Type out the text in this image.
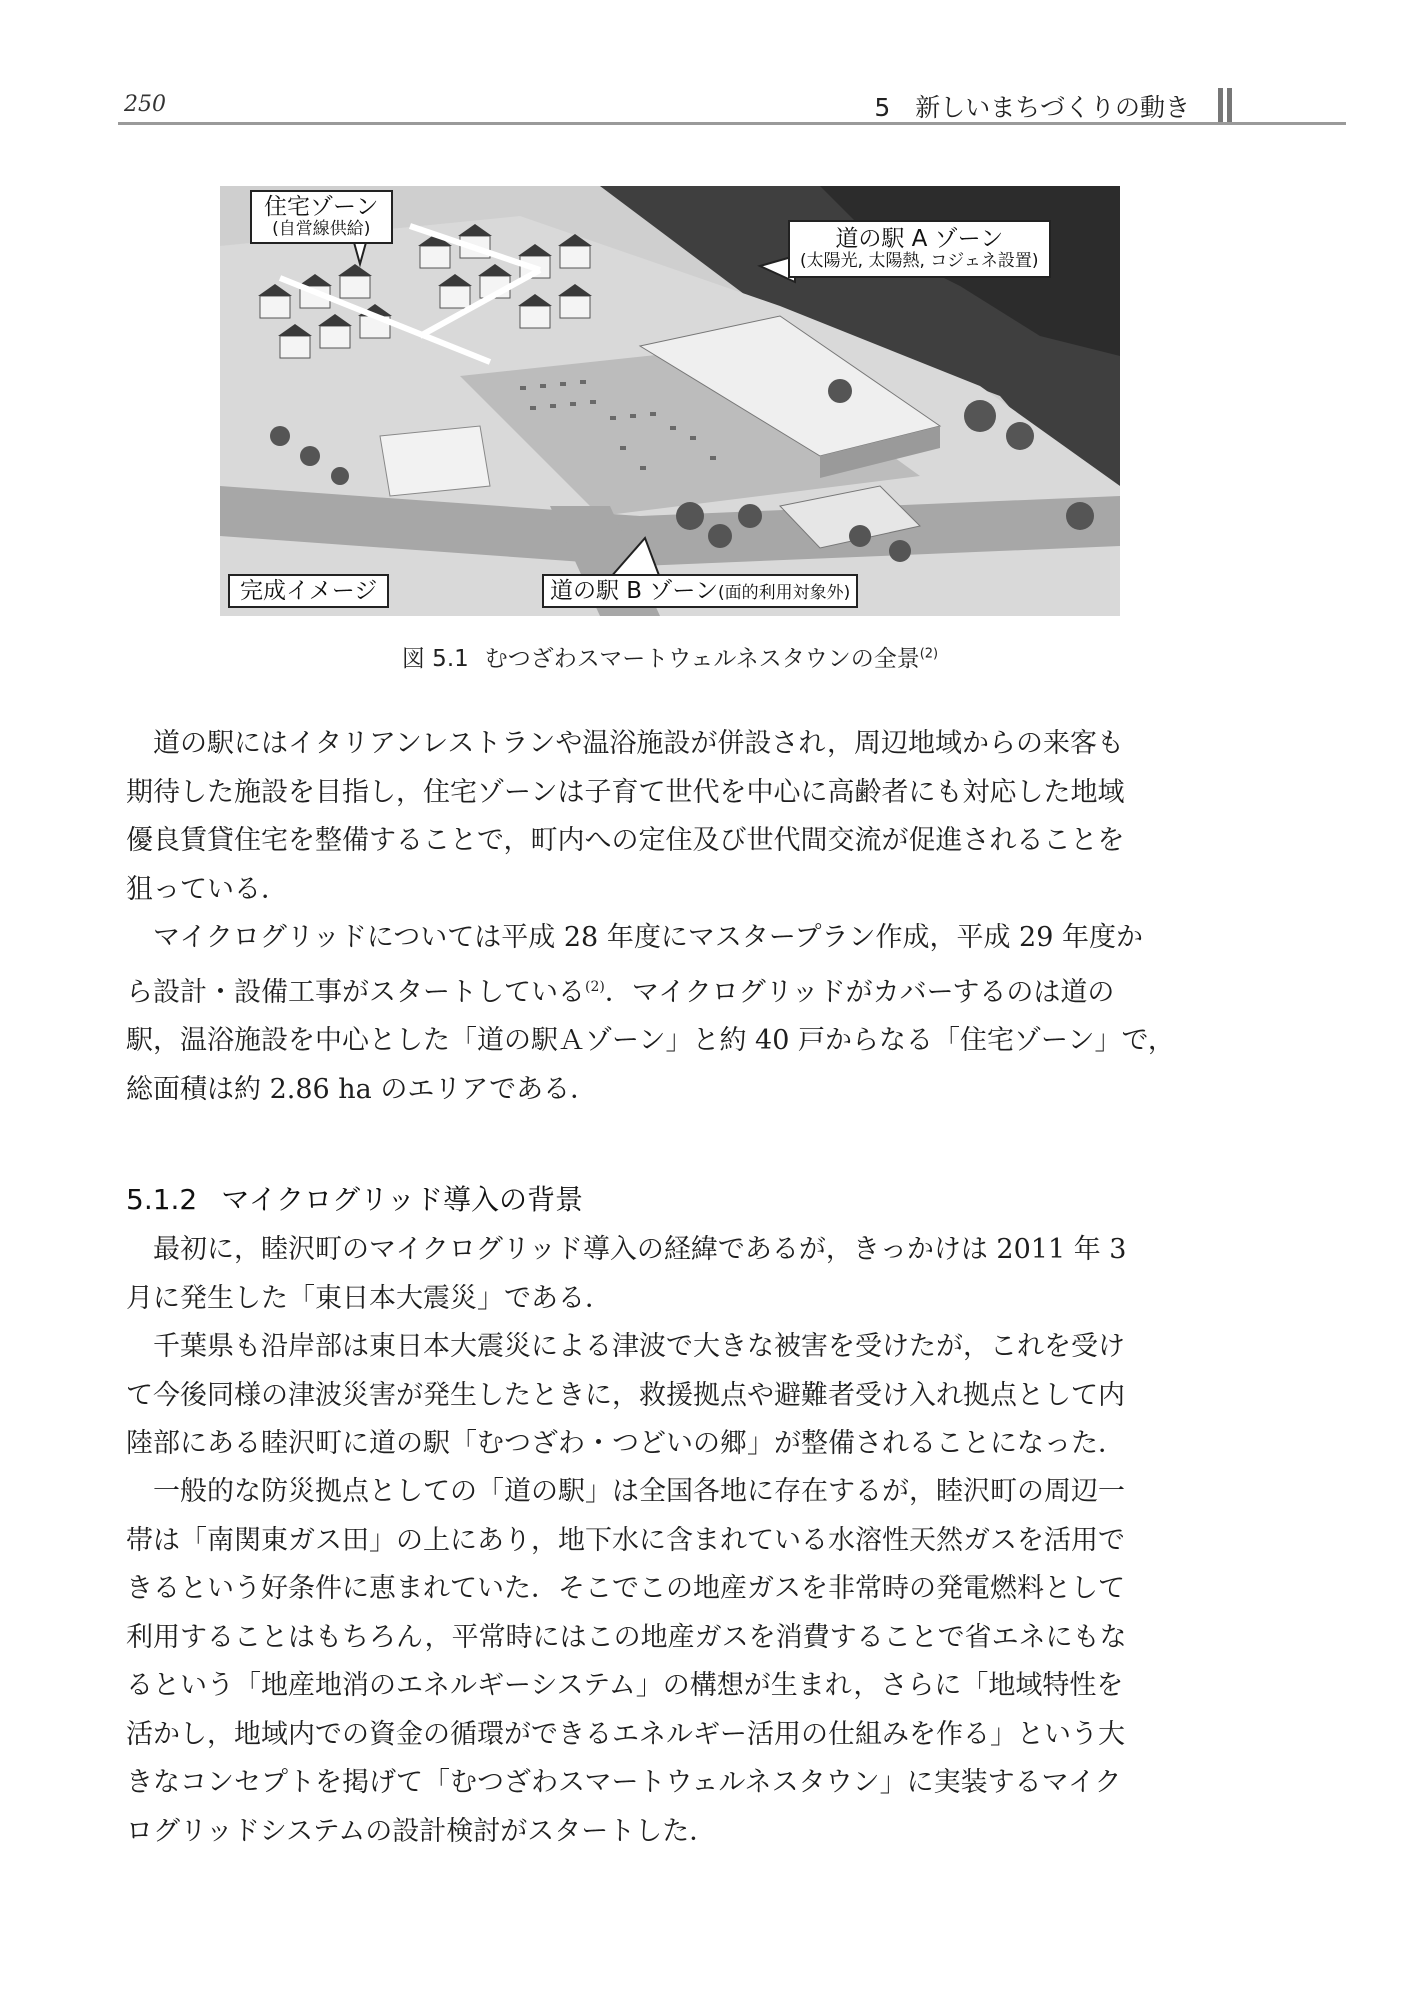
250	5　新しいまちづくりの動き
住宅ゾーン
(自営線供給)	道の駅 A ゾーン
(太陽光, 太陽熱, コジェネ設置)
完成イメージ	道の駅 B ゾーン(面的利用対象外)
図 5.1 むつざわスマートウェルネスタウンの全景$^{(2)}$

道の駅にはイタリアンレストランや温浴施設が併設され，周辺地域からの来客も
期待した施設を目指し，住宅ゾーンは子育て世代を中心に高齢者にも対応した地域
優良賃貸住宅を整備することで，町内への定住及び世代間交流が促進されることを
狙っている．

マイクログリッドについては平成 28 年度にマスタープラン作成，平成 29 年度か
ら設計・設備工事がスタートしている$^{(2)}$．マイクログリッドがカバーするのは道の
駅，温浴施設を中心とした「道の駅Ａゾーン」と約 40 戸からなる「住宅ゾーン」で，
総面積は約 2.86 ha のエリアである．

5.1.2 マイクログリッド導入の背景

最初に，睦沢町のマイクログリッド導入の経緯であるが，きっかけは 2011 年 3
月に発生した「東日本大震災」である．

千葉県も沿岸部は東日本大震災による津波で大きな被害を受けたが，これを受け
て今後同様の津波災害が発生したときに，救援拠点や避難者受け入れ拠点として内
陸部にある睦沢町に道の駅「むつざわ・つどいの郷」が整備されることになった．

一般的な防災拠点としての「道の駅」は全国各地に存在するが，睦沢町の周辺一
帯は「南関東ガス田」の上にあり，地下水に含まれている水溶性天然ガスを活用で
きるという好条件に恵まれていた．そこでこの地産ガスを非常時の発電燃料として
利用することはもちろん，平常時にはこの地産ガスを消費することで省エネにもな
るという「地産地消のエネルギーシステム」の構想が生まれ，さらに「地域特性を
活かし，地域内での資金の循環ができるエネルギー活用の仕組みを作る」という大
きなコンセプトを掲げて「むつざわスマートウェルネスタウン」に実装するマイク
ログリッドシステムの設計検討がスタートした．
